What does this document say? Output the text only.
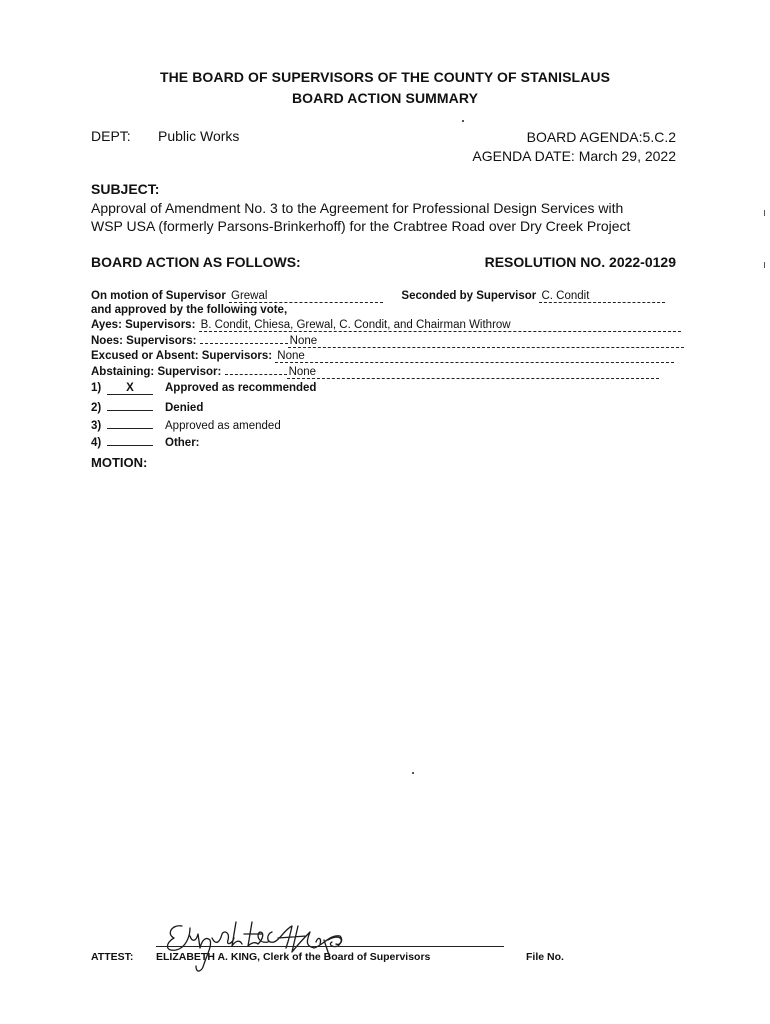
THE BOARD OF SUPERVISORS OF THE COUNTY OF STANISLAUS
BOARD ACTION SUMMARY
DEPT: Public Works	BOARD AGENDA:5.C.2
AGENDA DATE: March 29, 2022
SUBJECT:
Approval of Amendment No. 3 to the Agreement for Professional Design Services with
WSP USA (formerly Parsons-Brinkerhoff) for the Crabtree Road over Dry Creek Project
BOARD ACTION AS FOLLOWS:	RESOLUTION NO. 2022-0129
On motion of Supervisor Grewal	Seconded by Supervisor C. Condit
and approved by the following vote,
Ayes: Supervisors: B. Condit, Chiesa, Grewal, C. Condit, and Chairman Withrow
Noes: Supervisors:	None
Excused or Absent: Supervisors: None
Abstaining: Supervisor:	None
1) X	Approved as recommended
2)	Denied
3)	Approved as amended
4)	Other:
MOTION:
ATTEST: ELIZABETH A. KING, Clerk of the Board of Supervisors	File No.
